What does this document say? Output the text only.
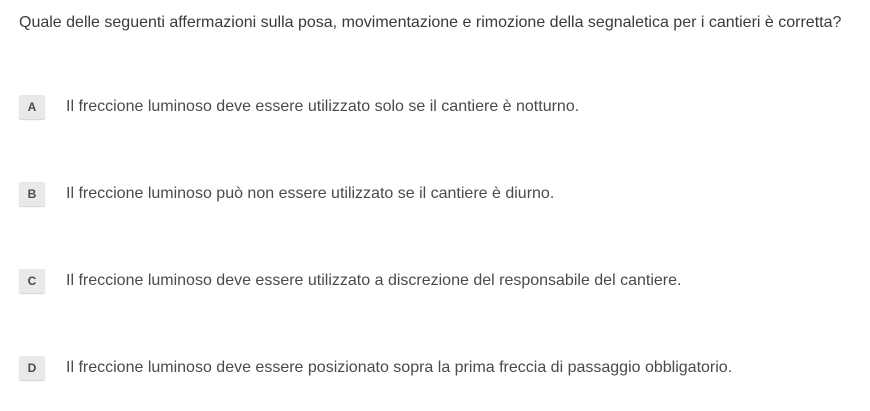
Quale delle seguenti affermazioni sulla posa, movimentazione e rimozione della segnaletica per i cantieri è corretta?
A	Il freccione luminoso deve essere utilizzato solo se il cantiere è notturno.
B	Il freccione luminoso può non essere utilizzato se il cantiere è diurno.
C	Il freccione luminoso deve essere utilizzato a discrezione del responsabile del cantiere.
D	Il freccione luminoso deve essere posizionato sopra la prima freccia di passaggio obbligatorio.
